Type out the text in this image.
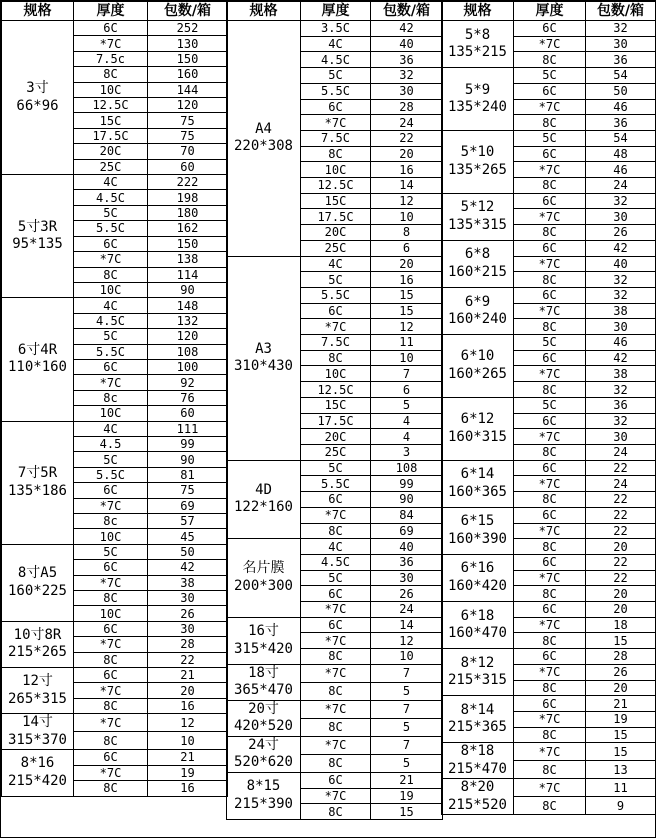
规格	厚度	包数/箱

3寸
66*96	6C	252
	*7C	130
	7.5c	150
	8C	160
	10C	144
	12.5C	120
	15C	75
	17.5C	75
	20C	70
	25C	60

5寸3R
95*135	4C	222
	4.5C	198
	5C	180
	5.5C	162
	6C	150
	*7C	138
	8C	114
	10C	90

6寸4R
110*160	4C	148
	4.5C	132
	5C	120
	5.5C	108
	6C	100
	*7C	92
	8c	76
	10C	60

7寸5R
135*186	4C	111
	4.5	99
	5C	90
	5.5C	81
	6C	75
	*7C	69
	8c	57
	10C	45

8寸A5
160*225	5C	50
	6C	42
	*7C	38
	8C	30
	10C	26

10寸8R
215*265	6C	30
	*7C	28
	8C	22

12寸
265*315	6C	21
	*7C	20
	8C	16

14寸
315*370	*7C	12
	8C	10

8*16
215*420	6C	21
	*7C	19
	8C	16
规格	厚度	包数/箱

A4
220*308	3.5C	42
	4C	40
	4.5C	36
	5C	32
	5.5C	30
	6C	28
	*7C	24
	7.5C	22
	8C	20
	10C	16
	12.5C	14
	15C	12
	17.5C	10
	20C	8
	25C	6

A3
310*430	4C	20
	5C	16
	5.5C	15
	6C	15
	*7C	12
	7.5C	11
	8C	10
	10C	7
	12.5C	6
	15C	5
	17.5C	4
	20C	4
	25C	3

4D
122*160	5C	108
	5.5C	99
	6C	90
	*7C	84
	8C	69

名片膜
200*300	4C	40
	4.5C	36
	5C	30
	6C	26
	*7C	24

16寸
315*420	6C	14
	*7C	12
	8C	10

18寸
365*470	*7C	7
	8C	5

20寸
420*520	*7C	7
	8C	5

24寸
520*620	*7C	7
	8C	5

8*15
215*390	6C	21
	*7C	19
	8C	15
规格	厚度	包数/箱

5*8
135*215	6C	32
	*7C	30
	8C	36

5*9
135*240	5C	54
	6C	50
	*7C	46
	8C	36

5*10
135*265	5C	54
	6C	48
	*7C	46
	8C	24

5*12
135*315	6C	32
	*7C	30
	8C	26

6*8
160*215	6C	42
	*7C	40
	8C	32

6*9
160*240	6C	32
	*7C	38
	8C	30

6*10
160*265	5C	46
	6C	42
	*7C	38
	8C	32

6*12
160*315	5C	36
	6C	32
	*7C	30
	8C	24

6*14
160*365	6C	22
	*7C	24
	8C	22

6*15
160*390	6C	22
	*7C	22
	8C	20

6*16
160*420	6C	22
	*7C	22
	8C	20

6*18
160*470	6C	20
	*7C	18
	8C	15

8*12
215*315	6C	28
	*7C	26
	8C	20

8*14
215*365	6C	21
	*7C	19
	8C	15

8*18
215*470	*7C	15
	8C	13

8*20
215*520	*7C	11
	8C	9
